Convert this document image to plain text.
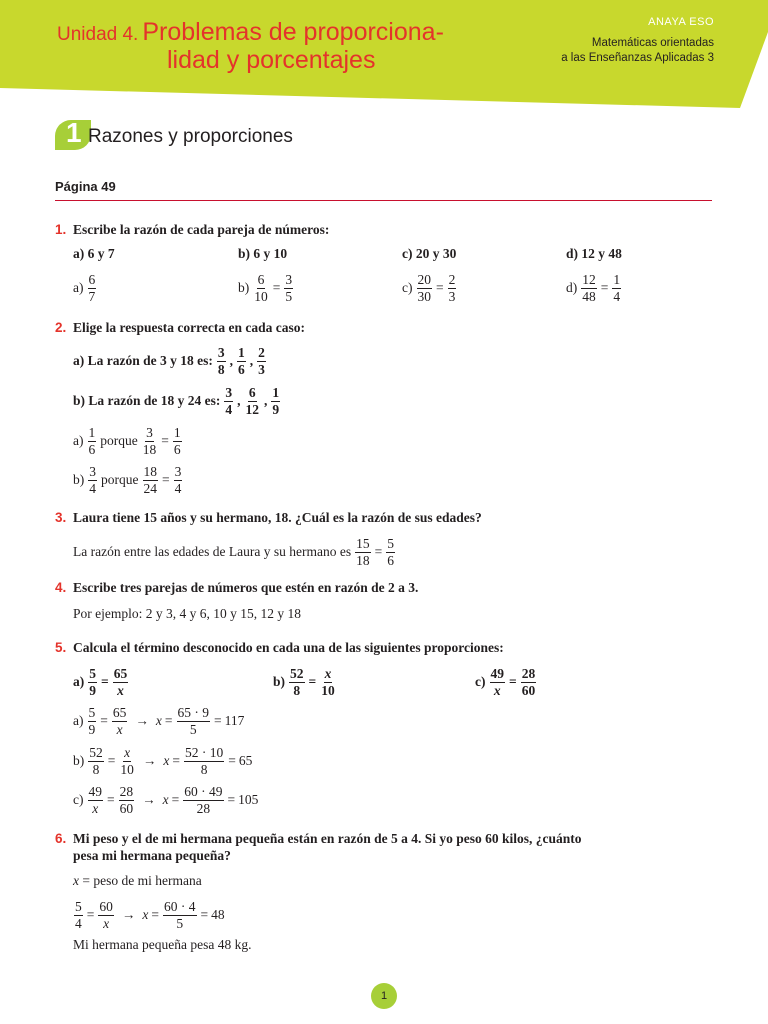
Unidad 4. Problemas de proporciona-
lidad y porcentajes
ANAYA ESO
Matemáticas orientadas
a las Enseñanzas Aplicadas 3
1 Razones y proporciones
Página 49
1. Escribe la razón de cada pareja de números:
a) 6 y 7	b) 6 y 10	c) 20 y 30	d) 12 y 48
$a) \frac{6}{7}$	$b) \frac{6}{10} = \frac{3}{5}$	$c) \frac{20}{30} = \frac{2}{3}$	$d) \frac{12}{48} = \frac{1}{4}$
2. Elige la respuesta correcta en cada caso:
a) La razón de 3 y 18 es: $\frac{3}{8}$ , $\frac{1}{6}$ , $\frac{2}{3}$
b) La razón de 18 y 24 es: $\frac{3}{4}$ , $\frac{6}{12}$ , $\frac{1}{9}$
$a) \frac{1}{6}$ porque $\frac{3}{18} = \frac{1}{6}$
$b) \frac{3}{4}$ porque $\frac{18}{24} = \frac{3}{4}$
3. Laura tiene 15 años y su hermano, 18. ¿Cuál es la razón de sus edades?
La razón entre las edades de Laura y su hermano es $\frac{15}{18} = \frac{5}{6}$
4. Escribe tres parejas de números que estén en razón de 2 a 3.
Por ejemplo: 2 y 3, 4 y 6, 10 y 15, 12 y 18
5. Calcula el término desconocido en cada una de las siguientes proporciones:
$a) \frac{5}{9} = \frac{65}{x}$	$b) \frac{52}{8} = \frac{x}{10}$	$c) \frac{49}{x} = \frac{28}{60}$
$a) \frac{5}{9} = \frac{65}{x} \to x = \frac{65 \cdot 9}{5} = 117$
$b) \frac{52}{8} = \frac{x}{10} \to x = \frac{52 \cdot 10}{8} = 65$
$c) \frac{49}{x} = \frac{28}{60} \to x = \frac{60 \cdot 49}{28} = 105$
6. Mi peso y el de mi hermana pequeña están en razón de 5 a 4. Si yo peso 60 kilos, ¿cuánto
pesa mi hermana pequeña?
x = peso de mi hermana
$\frac{5}{4} = \frac{60}{x} \to x = \frac{60 \cdot 4}{5} = 48$
Mi hermana pequeña pesa 48 kg.
1
